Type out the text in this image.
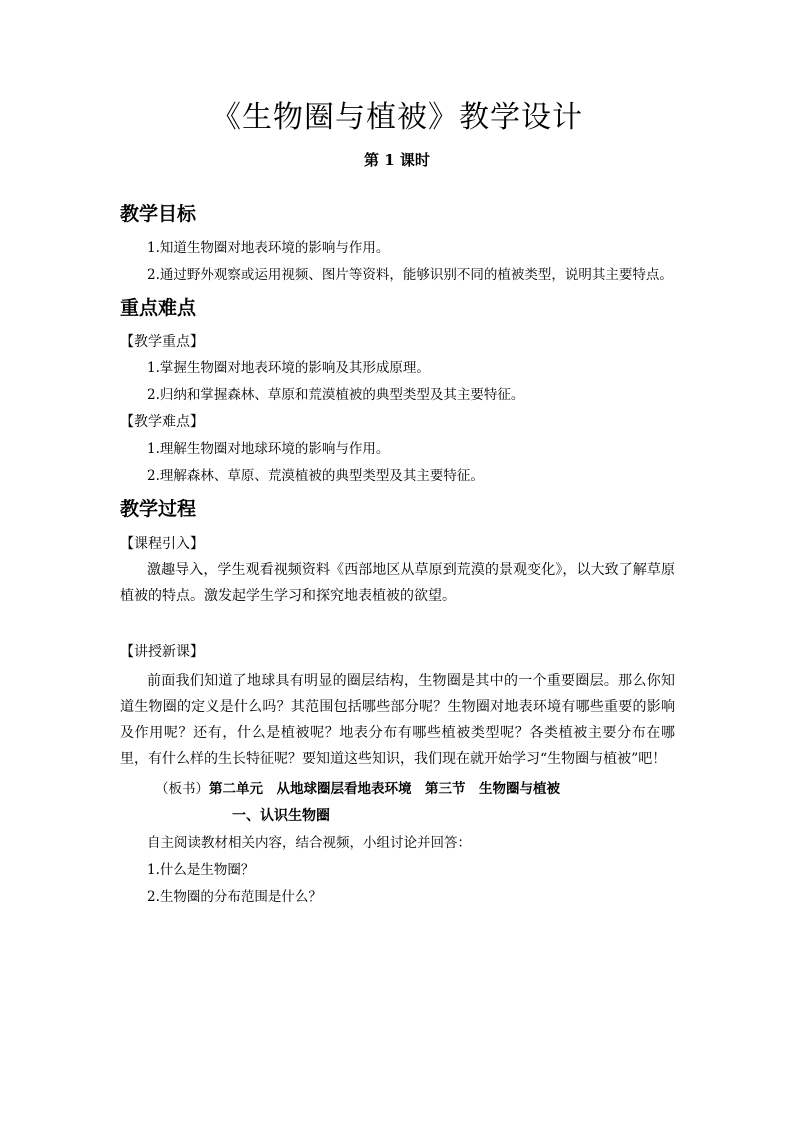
《生物圈与植被》教学设计
第 1 课时
教学目标
1.知道生物圈对地表环境的影响与作用。
2.通过野外观察或运用视频、图片等资料，能够识别不同的植被类型，说明其主要特点。
重点难点
【教学重点】
1.掌握生物圈对地表环境的影响及其形成原理。
2.归纳和掌握森林、草原和荒漠植被的典型类型及其主要特征。
【教学难点】
1.理解生物圈对地球环境的影响与作用。
2.理解森林、草原、荒漠植被的典型类型及其主要特征。
教学过程
【课程引入】
激趣导入，学生观看视频资料《西部地区从草原到荒漠的景观变化》，以大致了解草原植被的特点。激发起学生学习和探究地表植被的欲望。
【讲授新课】
前面我们知道了地球具有明显的圈层结构，生物圈是其中的一个重要圈层。那么你知道生物圈的定义是什么吗？其范围包括哪些部分呢？生物圈对地表环境有哪些重要的影响及作用呢？还有，什么是植被呢？地表分布有哪些植被类型呢？各类植被主要分布在哪里，有什么样的生长特征呢？要知道这些知识，我们现在就开始学习“生物圈与植被”吧！
（板书）第二单元　从地球圈层看地表环境　第三节　生物圈与植被
一、认识生物圈
自主阅读教材相关内容，结合视频，小组讨论并回答：
1.什么是生物圈？
2.生物圈的分布范围是什么？
